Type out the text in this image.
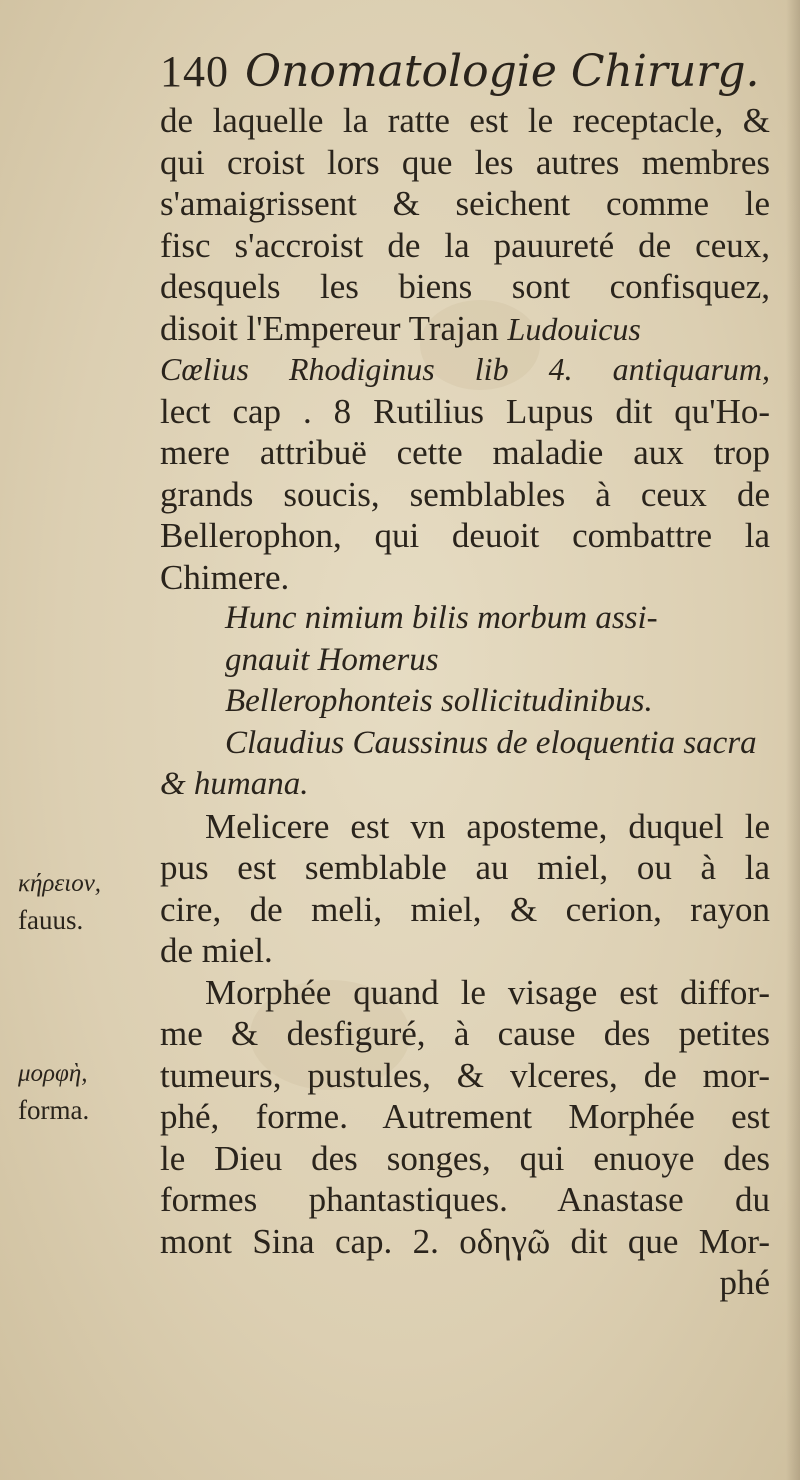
140 Onomatologie Chirurg.
de laquelle la ratte est le receptacle, &
qui croist lors que les autres membres
s'amaigrissent & seichent comme le
fisc s'accroist de la pauureté de ceux,
desquels les biens sont confisquez,
disoit l'Empereur Trajan Ludouicus
Cœlius Rhodiginus lib 4. antiquarum,
lect cap . 8 Rutilius Lupus dit qu'Ho-
mere attribuë cette maladie aux trop
grands soucis, semblables à ceux de
Bellerophon, qui deuoit combattre la
Chimere.
Hunc nimium bilis morbum assi-
gnauit Homerus
Bellerophonteis sollicitudinibus.
Claudius Caussinus de eloquentia sacra
& humana.
Melicere est vn aposteme, duquel le
pus est semblable au miel, ou à la
cire, de meli, miel, & cerion, rayon
de miel.
Morphée quand le visage est diffor-
me & desfiguré, à cause des petites
tumeurs, pustules, & vlceres, de mor-
phé, forme. Autrement Morphée est
le Dieu des songes, qui enuoye des
formes phantastiques. Anastase du
mont Sina cap. 2. οδηγῶ dit que Mor-
phé
κήρειον,
fauus.
μορφὴ,
forma.
